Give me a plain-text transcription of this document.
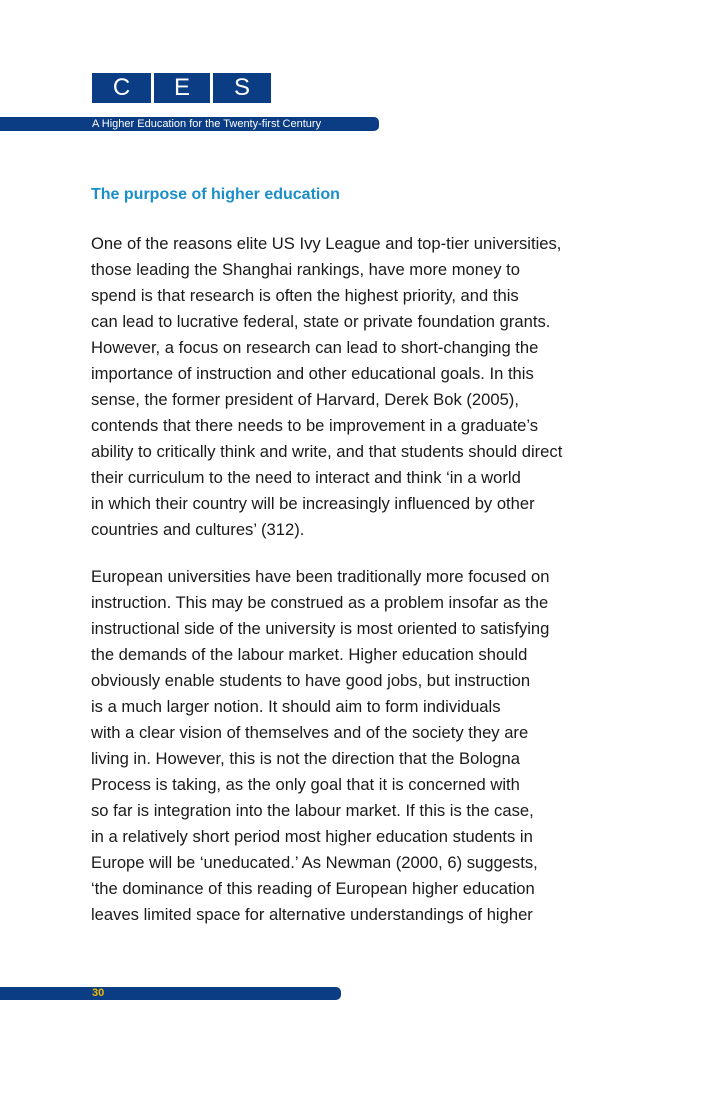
C	E	S
A Higher Education for the Twenty-first Century
The purpose of higher education
One of the reasons elite US Ivy League and top-tier universities,
those leading the Shanghai rankings, have more money to
spend is that research is often the highest priority, and this
can lead to lucrative federal, state or private foundation grants.
However, a focus on research can lead to short-changing the
importance of instruction and other educational goals. In this
sense, the former president of Harvard, Derek Bok (2005),
contends that there needs to be improvement in a graduate’s
ability to critically think and write, and that students should direct
their curriculum to the need to interact and think ‘in a world
in which their country will be increasingly influenced by other
countries and cultures’ (312).
European universities have been traditionally more focused on
instruction. This may be construed as a problem insofar as the
instructional side of the university is most oriented to satisfying
the demands of the labour market. Higher education should
obviously enable students to have good jobs, but instruction
is a much larger notion. It should aim to form individuals
with a clear vision of themselves and of the society they are
living in. However, this is not the direction that the Bologna
Process is taking, as the only goal that it is concerned with
so far is integration into the labour market. If this is the case,
in a relatively short period most higher education students in
Europe will be ‘uneducated.’ As Newman (2000, 6) suggests,
‘the dominance of this reading of European higher education
leaves limited space for alternative understandings of higher
30
